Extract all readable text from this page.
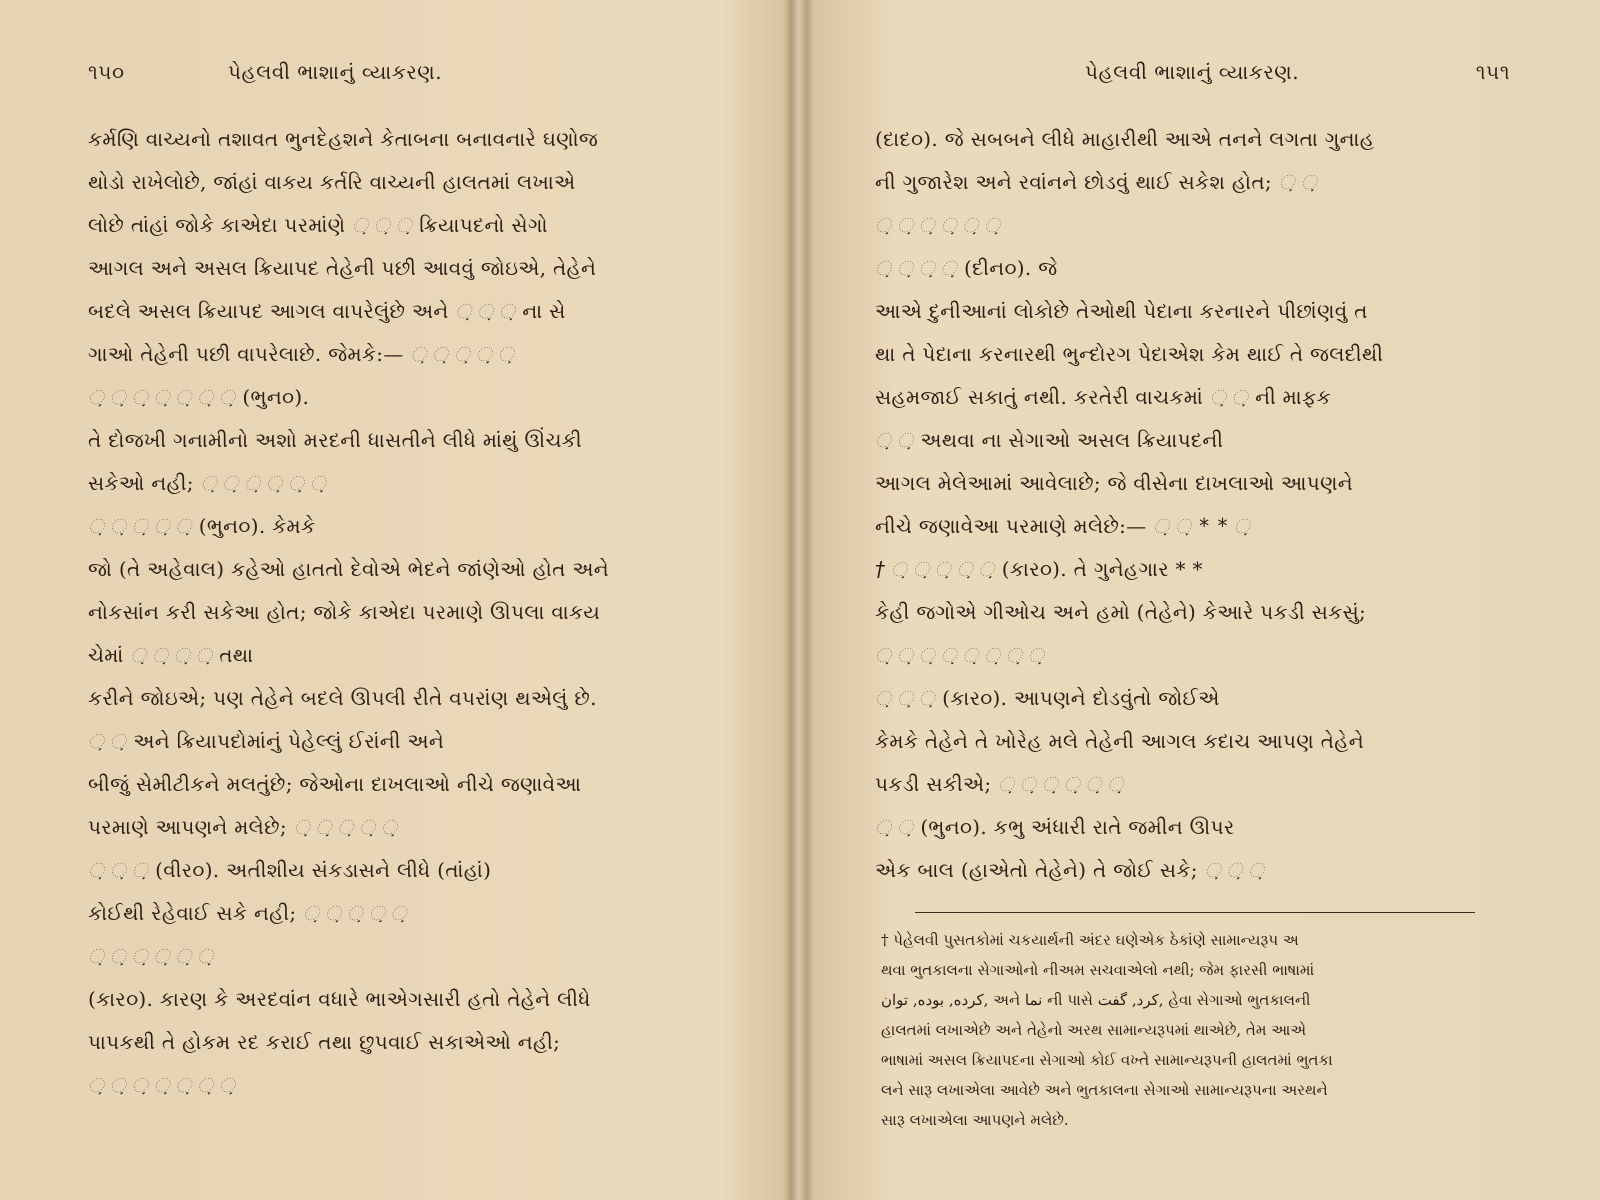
૧૫૦	પેહલવી ભાશાનું વ્યાકરણ.
કર્મણિ વાચ્યનો તશાવત ભુનદેહશને કેતાબના બનાવનારે ઘણોજ
થોડો રાખેલોછે, જાંહાં વાકય કર્તરિ વાચ્યની હાલતમાં લખાએ
લોછે તાંહાં જોકે કાએદા પરમાંણે ઼ ઼ ઼ ક્રિયાપદનો સેગો
આગલ અને અસલ ક્રિયાપદ તેહેની પછી આવવું જોઇએ, તેહેને
બદલે અસલ ક્રિયાપદ આગલ વાપરેલુંછે અને ઼ ઼ ઼ ના સે
ગાઓ તેહેની પછી વાપરેલાછે. જેમકે:— ઼ ઼ ઼ ઼ ઼
઼ ઼ ઼ ઼ ઼ ઼ ઼ (ભુન૦).
તે દોજખી ગનામીનો અશો મરદની ધાસતીને લીધે માંથું ઊંચકી
સકેઓ નહી; ઼ ઼ ઼ ઼ ઼ ઼
઼ ઼ ઼ ઼ ઼ (ભુન૦). કેમકે
જો (તે અહેવાલ) કહેઓ હાતતો દેવોએ ભેદને જાંણેઓ હોત અને
નોકસાંન કરી સકેઆ હોત; જોકે કાએદા પરમાણે ઊપલા વાકય
ચેમાં ઼ ઼ ઼ ઼ તથા
કરીને જોઇએ; પણ તેહેને બદલે ઊપલી રીતે વપરાંણ થએલું છે.
઼ ઼ અને ક્રિયાપદોમાંનું પેહેલ્લું ઈરાંની અને
બીજું સેમીટીકને મલતુંછે; જેઓના દાખલાઓ નીચે જણાવેઆ
પરમાણે આપણને મલેછે; ઼ ઼ ઼ ઼ ઼
઼ ઼ ઼ (વીર૦). અતીશીય સંકડાસને લીધે (તાંહાં)
કોઈથી રેહેવાઈ સકે નહી; ઼ ઼ ઼ ઼ ઼
઼ ઼ ઼ ઼ ઼ ઼
(કાર૦). કારણ કે અરદવાંન વધારે ભાએગસારી હતો તેહેને લીધે
પાપકથી તે હોકમ રદ કરાઈ તથા છુપવાઈ સકાએઓ નહી;
઼ ઼ ઼ ઼ ઼ ઼ ઼
પેહલવી ભાશાનું વ્યાકરણ.	૧૫૧
(દાદ૦). જે સબબને લીધે માહારીથી આએ તનને લગતા ગુનાહ
ની ગુજારેશ અને રવાંનને છોડવું થાઈ સકેશ હોત; ઼ ઼
઼ ઼ ઼ ઼ ઼ ઼
઼ ઼ ઼ ઼ (દીન૦). જે
આએ દુનીઆનાં લોકોછે તેઓથી પેદાના કરનારને પીછાંણવું ત
થા તે પેદાના કરનારથી ભુન્દોરગ પેદાએશ કેમ થાઈ તે જલદીથી
સહમજાઈ સકાતું નથી. કરતેરી વાચકમાં ઼ ઼ ની માફક
઼ ઼ અથવા ના સેગાઓ અસલ ક્રિયાપદની
આગલ મેલેઆમાં આવેલાછે; જે વીસેના દાખલાઓ આપણને
નીચે જણાવેઆ પરમાણે મલેછે:— ઼ ઼ * * ઼
† ઼ ઼ ઼ ઼ ઼ (કાર૦). તે ગુનેહગાર * *
કેહી જગોએ ગીઓચ અને હમો (તેહેને) કેઆરે પકડી સકસું;
઼ ઼ ઼ ઼ ઼ ઼ ઼ ઼
઼ ઼ ઼ (કાર૦). આપણને દોડવુંતો જોઈએ
કેમકે તેહેને તે ખોરેહ મલે તેહેની આગલ કદાચ આપણ તેહેને
પકડી સકીએ; ઼ ઼ ઼ ઼ ઼ ઼
઼ ઼ (ભુન૦). કભુ અંધારી રાતે જમીન ઊપર
એક બાલ (હાએતો તેહેને) તે જોઈ સકે; ઼ ઼ ઼
† પેહેલવી પુસતકોમાં ચકયાર્થની અંદર ઘણેએક ઠેકાંણે સામાન્યરૂપ અ
થવા ભુતકાલના સેગાઓનો નીઅમ સચવાએલો નથી; જેમ ફારસી ભાષામાં
کرده, بوده, توان, અને نما ની પાસે کرد, گفت, હેવા સેગાઓ ભુતકાલની
હાલતમાં લખાએછે અને તેહેનો અરથ સામાન્યરૂપમાં થાએછે, તેમ આએ
ભાષામાં અસલ ક્રિયાપદના સેગાઓ કોઈ વખ્તે સામાન્યરૂપની હાલતમાં ભુતકા
લને સારૂ લખાએલા આવેછે અને ભુતકાલના સેગાઓ સામાન્યરૂપના અરથને
સારૂ લખાએલા આપણને મલેછે.
